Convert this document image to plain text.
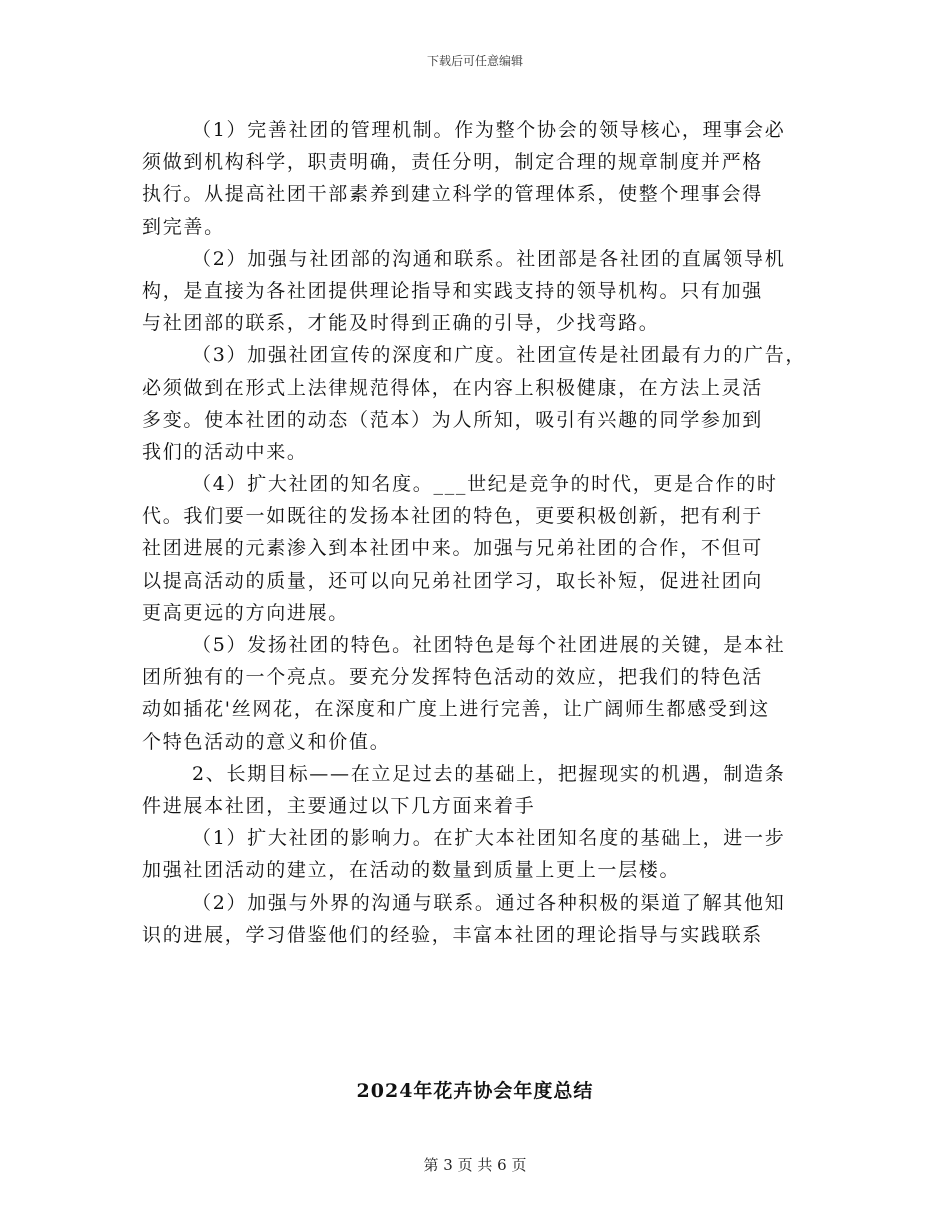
下载后可任意编辑
（1）完善社团的管理机制。作为整个协会的领导核心，理事会必
须做到机构科学，职责明确，责任分明，制定合理的规章制度并严格
执行。从提高社团干部素养到建立科学的管理体系，使整个理事会得
到完善。
（2）加强与社团部的沟通和联系。社团部是各社团的直属领导机
构，是直接为各社团提供理论指导和实践支持的领导机构。只有加强
与社团部的联系，才能及时得到正确的引导，少找弯路。
（3）加强社团宣传的深度和广度。社团宣传是社团最有力的广告，
必须做到在形式上法律规范得体，在内容上积极健康，在方法上灵活
多变。使本社团的动态（范本）为人所知，吸引有兴趣的同学参加到
我们的活动中来。
（4）扩大社团的知名度。___世纪是竞争的时代，更是合作的时
代。我们要一如既往的发扬本社团的特色，更要积极创新，把有利于
社团进展的元素渗入到本社团中来。加强与兄弟社团的合作，不但可
以提高活动的质量，还可以向兄弟社团学习，取长补短，促进社团向
更高更远的方向进展。
（5）发扬社团的特色。社团特色是每个社团进展的关键，是本社
团所独有的一个亮点。要充分发挥特色活动的效应，把我们的特色活
动如插花'丝网花，在深度和广度上进行完善，让广阔师生都感受到这
个特色活动的意义和价值。
2、长期目标——在立足过去的基础上，把握现实的机遇，制造条
件进展本社团，主要通过以下几方面来着手
（1）扩大社团的影响力。在扩大本社团知名度的基础上，进一步
加强社团活动的建立，在活动的数量到质量上更上一层楼。
（2）加强与外界的沟通与联系。通过各种积极的渠道了解其他知
识的进展，学习借鉴他们的经验，丰富本社团的理论指导与实践联系
2024年花卉协会年度总结
第 3 页 共 6 页
